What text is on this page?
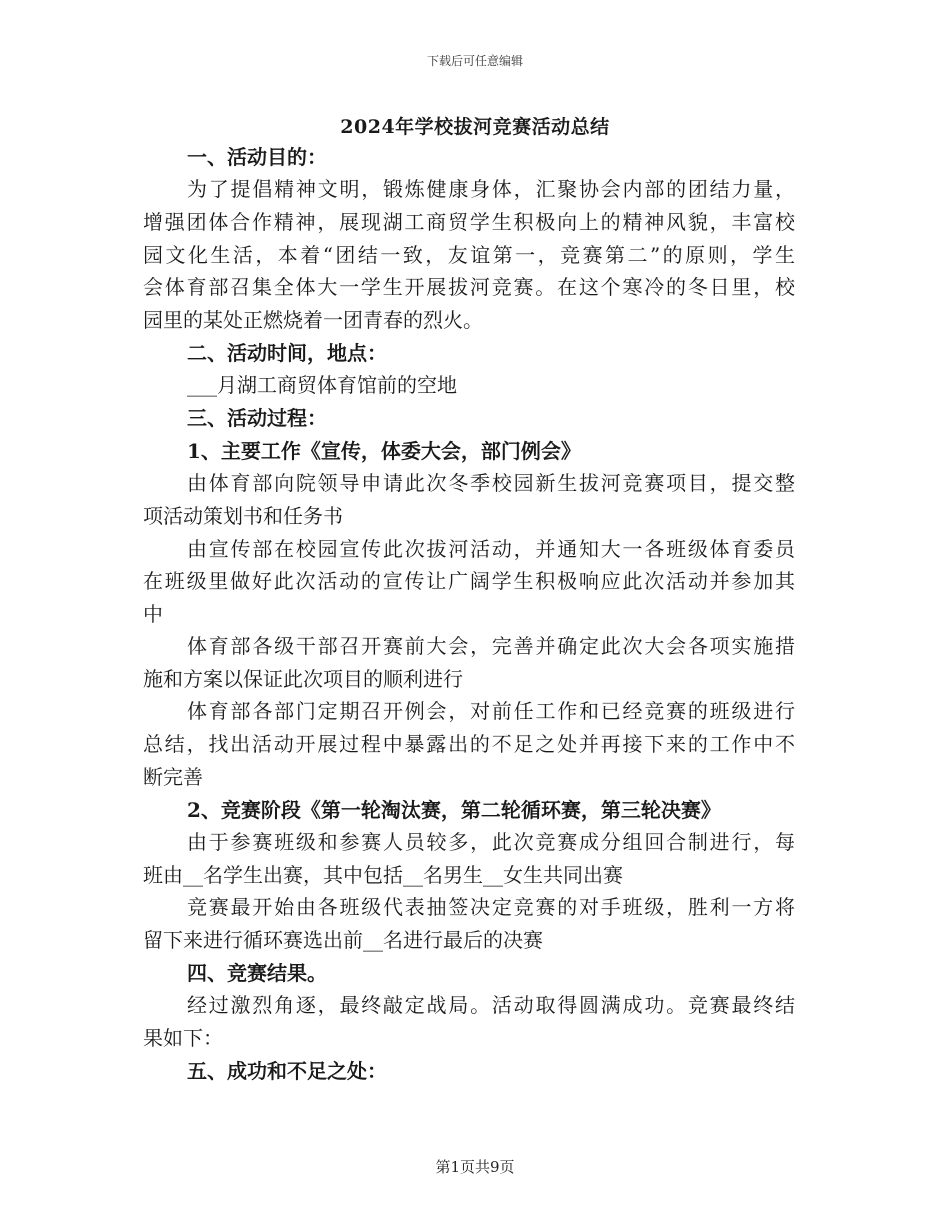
下载后可任意编辑
2024年学校拔河竞赛活动总结
一、活动目的：
为了提倡精神文明，锻炼健康身体，汇聚协会内部的团结力量，
增强团体合作精神，展现湖工商贸学生积极向上的精神风貌，丰富校
园文化生活，本着“团结一致，友谊第一，竞赛第二”的原则，学生
会体育部召集全体大一学生开展拔河竞赛。在这个寒冷的冬日里，校
园里的某处正燃烧着一团青春的烈火。
二、活动时间，地点：
___月湖工商贸体育馆前的空地
三、活动过程：
1、主要工作《宣传，体委大会，部门例会》
由体育部向院领导申请此次冬季校园新生拔河竞赛项目，提交整
项活动策划书和任务书
由宣传部在校园宣传此次拔河活动，并通知大一各班级体育委员
在班级里做好此次活动的宣传让广阔学生积极响应此次活动并参加其
中
体育部各级干部召开赛前大会，完善并确定此次大会各项实施措
施和方案以保证此次项目的顺利进行
体育部各部门定期召开例会，对前任工作和已经竞赛的班级进行
总结，找出活动开展过程中暴露出的不足之处并再接下来的工作中不
断完善
2、竞赛阶段《第一轮淘汰赛，第二轮循环赛，第三轮决赛》
由于参赛班级和参赛人员较多，此次竞赛成分组回合制进行，每
班由__名学生出赛，其中包括__名男生__女生共同出赛
竞赛最开始由各班级代表抽签决定竞赛的对手班级，胜利一方将
留下来进行循环赛选出前__名进行最后的决赛
四、竞赛结果。
经过激烈角逐，最终敲定战局。活动取得圆满成功。竞赛最终结
果如下：
五、成功和不足之处：
第1页共9页
